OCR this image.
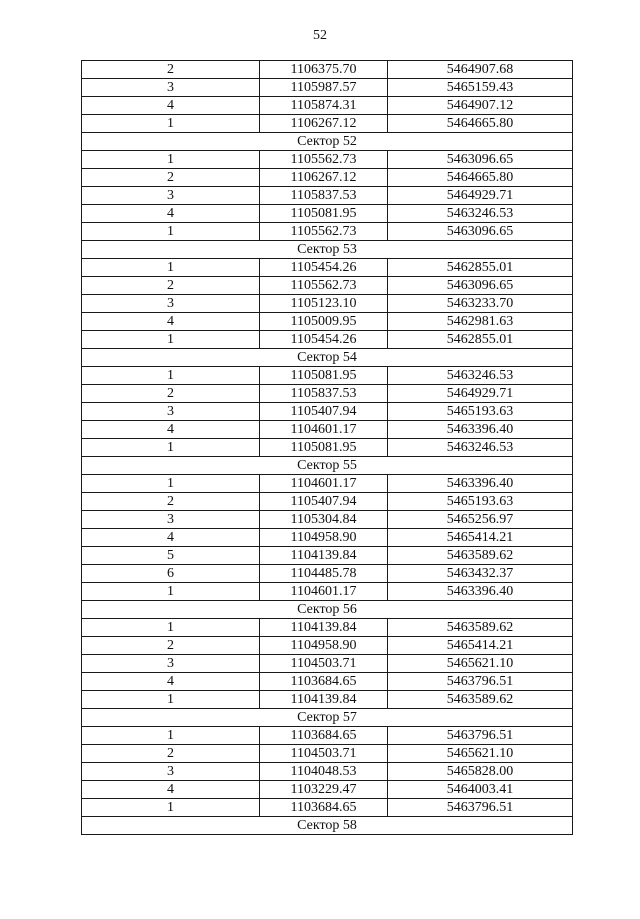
52
2	1106375.70	5464907.68
3	1105987.57	5465159.43
4	1105874.31	5464907.12
1	1106267.12	5464665.80
Сектор 52		
1	1105562.73	5463096.65
2	1106267.12	5464665.80
3	1105837.53	5464929.71
4	1105081.95	5463246.53
1	1105562.73	5463096.65
Сектор 53		
1	1105454.26	5462855.01
2	1105562.73	5463096.65
3	1105123.10	5463233.70
4	1105009.95	5462981.63
1	1105454.26	5462855.01
Сектор 54		
1	1105081.95	5463246.53
2	1105837.53	5464929.71
3	1105407.94	5465193.63
4	1104601.17	5463396.40
1	1105081.95	5463246.53
Сектор 55		
1	1104601.17	5463396.40
2	1105407.94	5465193.63
3	1105304.84	5465256.97
4	1104958.90	5465414.21
5	1104139.84	5463589.62
6	1104485.78	5463432.37
1	1104601.17	5463396.40
Сектор 56		
1	1104139.84	5463589.62
2	1104958.90	5465414.21
3	1104503.71	5465621.10
4	1103684.65	5463796.51
1	1104139.84	5463589.62
Сектор 57		
1	1103684.65	5463796.51
2	1104503.71	5465621.10
3	1104048.53	5465828.00
4	1103229.47	5464003.41
1	1103684.65	5463796.51
Сектор 58		
